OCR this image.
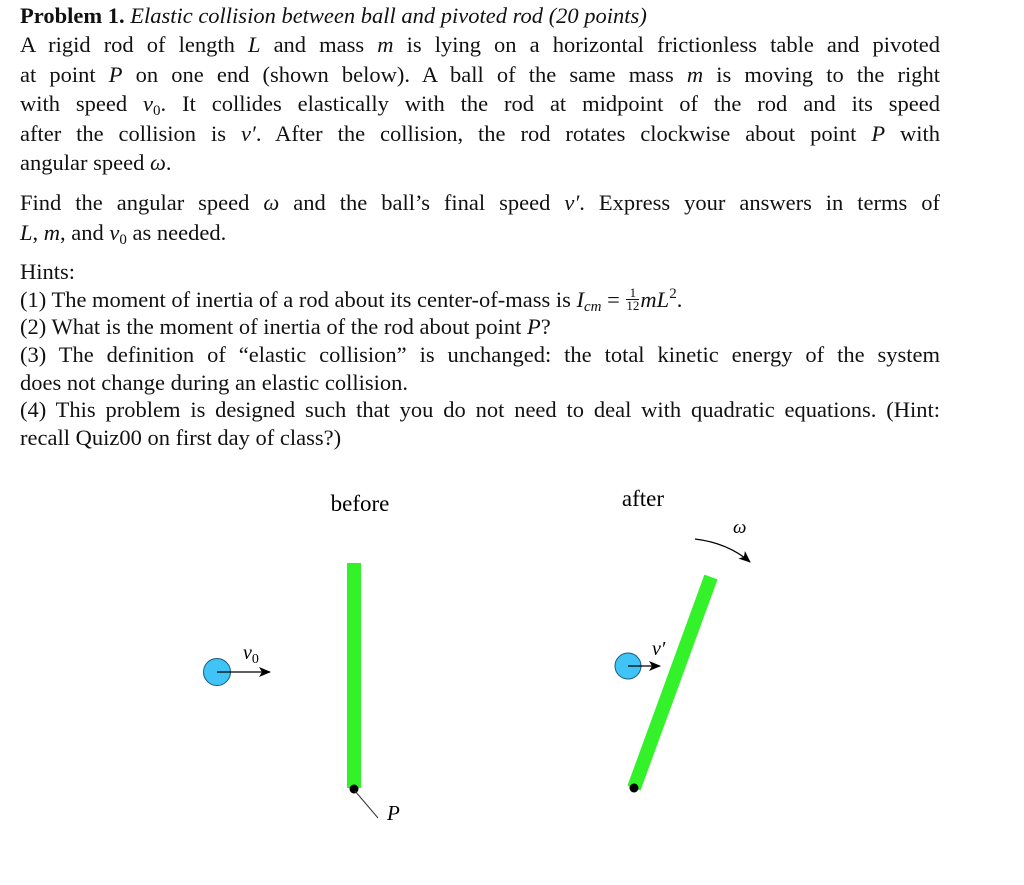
Problem 1. Elastic collision between ball and pivoted rod (20 points)
A rigid rod of length L and mass m is lying on a horizontal frictionless table and pivoted
at point P on one end (shown below). A ball of the same mass m is moving to the right
with speed $v_0$. It collides elastically with the rod at midpoint of the rod and its speed
after the collision is v′. After the collision, the rod rotates clockwise about point P with
angular speed ω.
Find the angular speed ω and the ball’s final speed v′. Express your answers in terms of
L, m, and $v_0$ as needed.
Hints:
(1) The moment of inertia of a rod about its center-of-mass is $I_{cm} = \frac{1}{12} mL^2$.
(2) What is the moment of inertia of the rod about point P?
(3) The definition of “elastic collision” is unchanged: the total kinetic energy of the system
does not change during an elastic collision.
(4) This problem is designed such that you do not need to deal with quadratic equations. (Hint:
recall Quiz00 on first day of class?)
before
$v_0$
P
after
ω
v′
